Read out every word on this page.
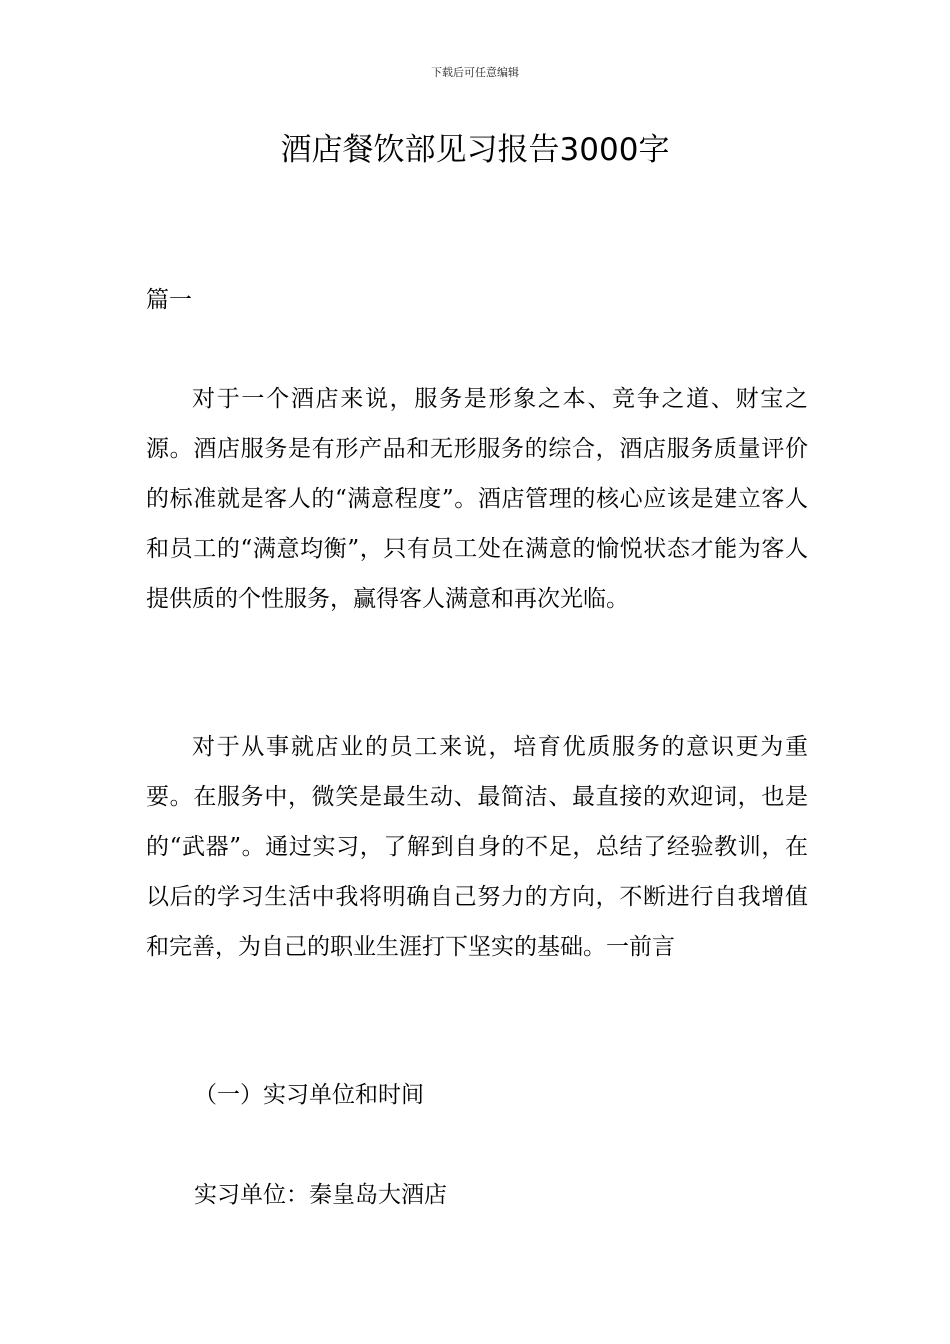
下载后可任意编辑
酒店餐饮部见习报告3000字

篇一

对于一个酒店来说，服务是形象之本、竞争之道、财宝之源。酒店服务是有形产品和无形服务的综合，酒店服务质量评价的标准就是客人的“满意程度”。酒店管理的核心应该是建立客人和员工的“满意均衡”，只有员工处在满意的愉悦状态才能为客人提供质的个性服务，赢得客人满意和再次光临。

对于从事就店业的员工来说，培育优质服务的意识更为重要。在服务中，微笑是最生动、最简洁、最直接的欢迎词，也是的“武器”。通过实习，了解到自身的不足，总结了经验教训，在以后的学习生活中我将明确自己努力的方向，不断进行自我增值和完善，为自己的职业生涯打下坚实的基础。一前言

（一）实习单位和时间

实习单位：秦皇岛大酒店
